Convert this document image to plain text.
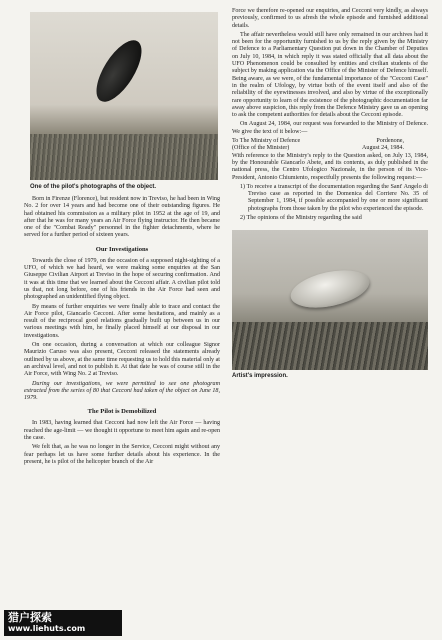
One of the pilot's photographs of the object.

Born in Firenze (Florence), but resident now in Treviso, he had been in Wing No. 2 for over 14 years and had become one of their outstanding figures. He had obtained his commission as a military pilot in 1952 at the age of 19, and after that he was for many years an Air Force flying instructor. He then became one of the "Combat Ready" personnel in the fighter detachments, where he served for a further period of sixteen years.

Our Investigations

Towards the close of 1979, on the occasion of a supposed night-sighting of a UFO, of which we had heard, we were making some enquiries at the San Giuseppe Civilian Airport at Treviso in the hope of securing confirmation. And it was at this time that we learned about the Cecconi affair. A civilian pilot told us that, not long before, one of his friends in the Air Force had seen and photographed an unidentified flying object.

By means of further enquiries we were finally able to trace and contact the Air Force pilot, Giancarlo Cecconi. After some hesitations, and mainly as a result of the reciprocal good relations gradually built up between us in our various meetings with him, he finally placed himself at our disposal in our investigations.

On one occasion, during a conversation at which our colleague Signor Maurizio Caruso was also present, Cecconi released the statements already outlined by us above, at the same time requesting us to hold this material only at an archival level, and not to publish it. At that date he was of course still in the Air Force, with Wing No. 2 at Treviso.

During our investigations, we were permitted to see one photogram extracted from the series of 80 that Cecconi had taken of the object on June 18, 1979.

The Pilot is Demobilized

In 1983, having learned that Cecconi had now left the Air Force — having reached the age-limit — we thought it opportune to meet him again and re-open the case.

We felt that, as he was no longer in the Service, Cecconi might without any fear perhaps let us have some further details about his experience. In the present, he is pilot of the helicopter branch of the Air

Force we therefore re-opened our enquiries, and Cecconi very kindly, as always previously, confirmed to us afresh the whole episode and furnished additional details.

The affair nevertheless would still have only remained in our archives had it not been for the opportunity furnished to us by the reply given by the Ministry of Defence to a Parliamentary Question put down in the Chamber of Deputies on July 10, 1984, in which reply it was stated officially that all data about the UFO Phenomenon could be consulted by entities and civilian students of the subject by making application via the Office of the Minister of Defence himself. Being aware, as we were, of the fundamental importance of the "Cecconi Case" in the realm of Ufology, by virtue both of the event itself and also of the reliability of the eyewitnesses involved, and also by virtue of the exceptionally rare opportunity to learn of the existence of the photographic documentation far away above suspicion, this reply from the Defence Ministry gave us an opening to ask the competent authorities for details about the Cecconi episode.

On August 24, 1984, our request was forwarded to the Ministry of Defence. We give the text of it below:—

To The Ministry of Defence	Pordenone,
(Office of the Minister)	August 24, 1984.

With reference to the Ministry's reply to the Question asked, on July 13, 1984, by the Honourable Giancarlo Abete, and its contents, as duly published in the national press, the Centro Ufologico Nazionale, in the person of its Vice-President, Antonio Chiumiento, respectfully presents the following request:—

1) To receive a transcript of the documentation regarding the Sant' Angelo di Treviso case as reported in the Domenica del Corriere No. 35 of September 1, 1984, if possible accompanied by one or more significant photographs from those taken by the pilot who experienced the episode.

2) The opinions of the Ministry regarding the said

Artist's impression.
猎户探索
www.liehuts.com
